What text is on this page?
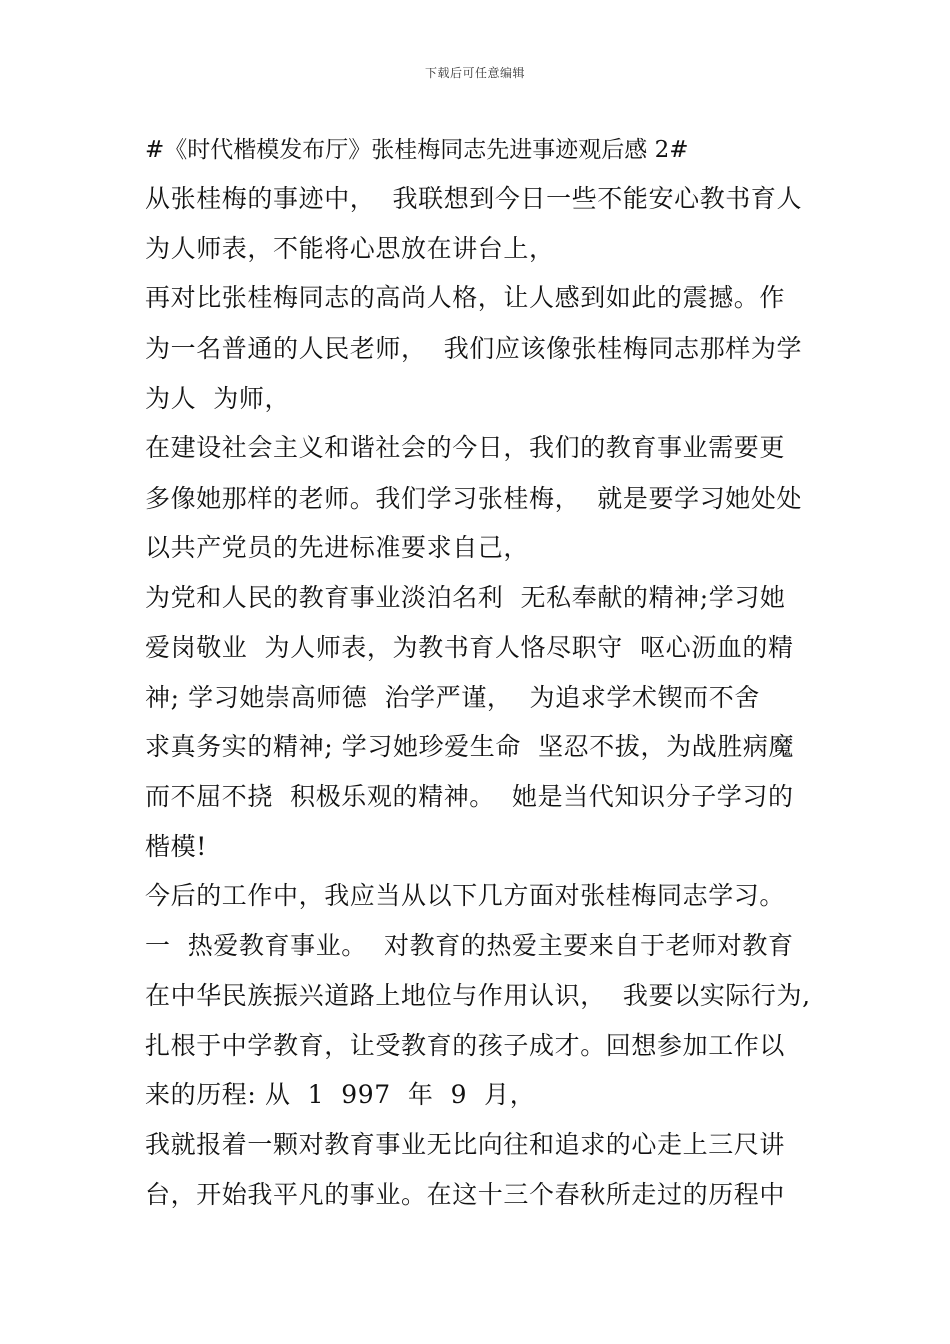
下载后可任意编辑
#《时代楷模发布厅》张桂梅同志先进事迹观后感 2#
从张桂梅的事迹中，  我联想到今日一些不能安心教书育人
为人师表，不能将心思放在讲台上，
再对比张桂梅同志的高尚人格，让人感到如此的震撼。作
为一名普通的人民老师，  我们应该像张桂梅同志那样为学
为人  为师，
在建设社会主义和谐社会的今日，我们的教育事业需要更
多像她那样的老师。我们学习张桂梅，  就是要学习她处处
以共产党员的先进标准要求自己，
为党和人民的教育事业淡泊名利  无私奉献的精神;学习她
爱岗敬业  为人师表，为教书育人恪尽职守  呕心沥血的精
神; 学习她崇高师德  治学严谨，  为追求学术锲而不舍
求真务实的精神; 学习她珍爱生命  坚忍不拔，为战胜病魔
而不屈不挠  积极乐观的精神。  她是当代知识分子学习的
楷模!
今后的工作中，我应当从以下几方面对张桂梅同志学习。
一  热爱教育事业。  对教育的热爱主要来自于老师对教育
在中华民族振兴道路上地位与作用认识，  我要以实际行为,
扎根于中学教育，让受教育的孩子成才。回想参加工作以
来的历程: 从  1  997  年  9  月，
我就报着一颗对教育事业无比向往和追求的心走上三尺讲
台，开始我平凡的事业。在这十三个春秋所走过的历程中
